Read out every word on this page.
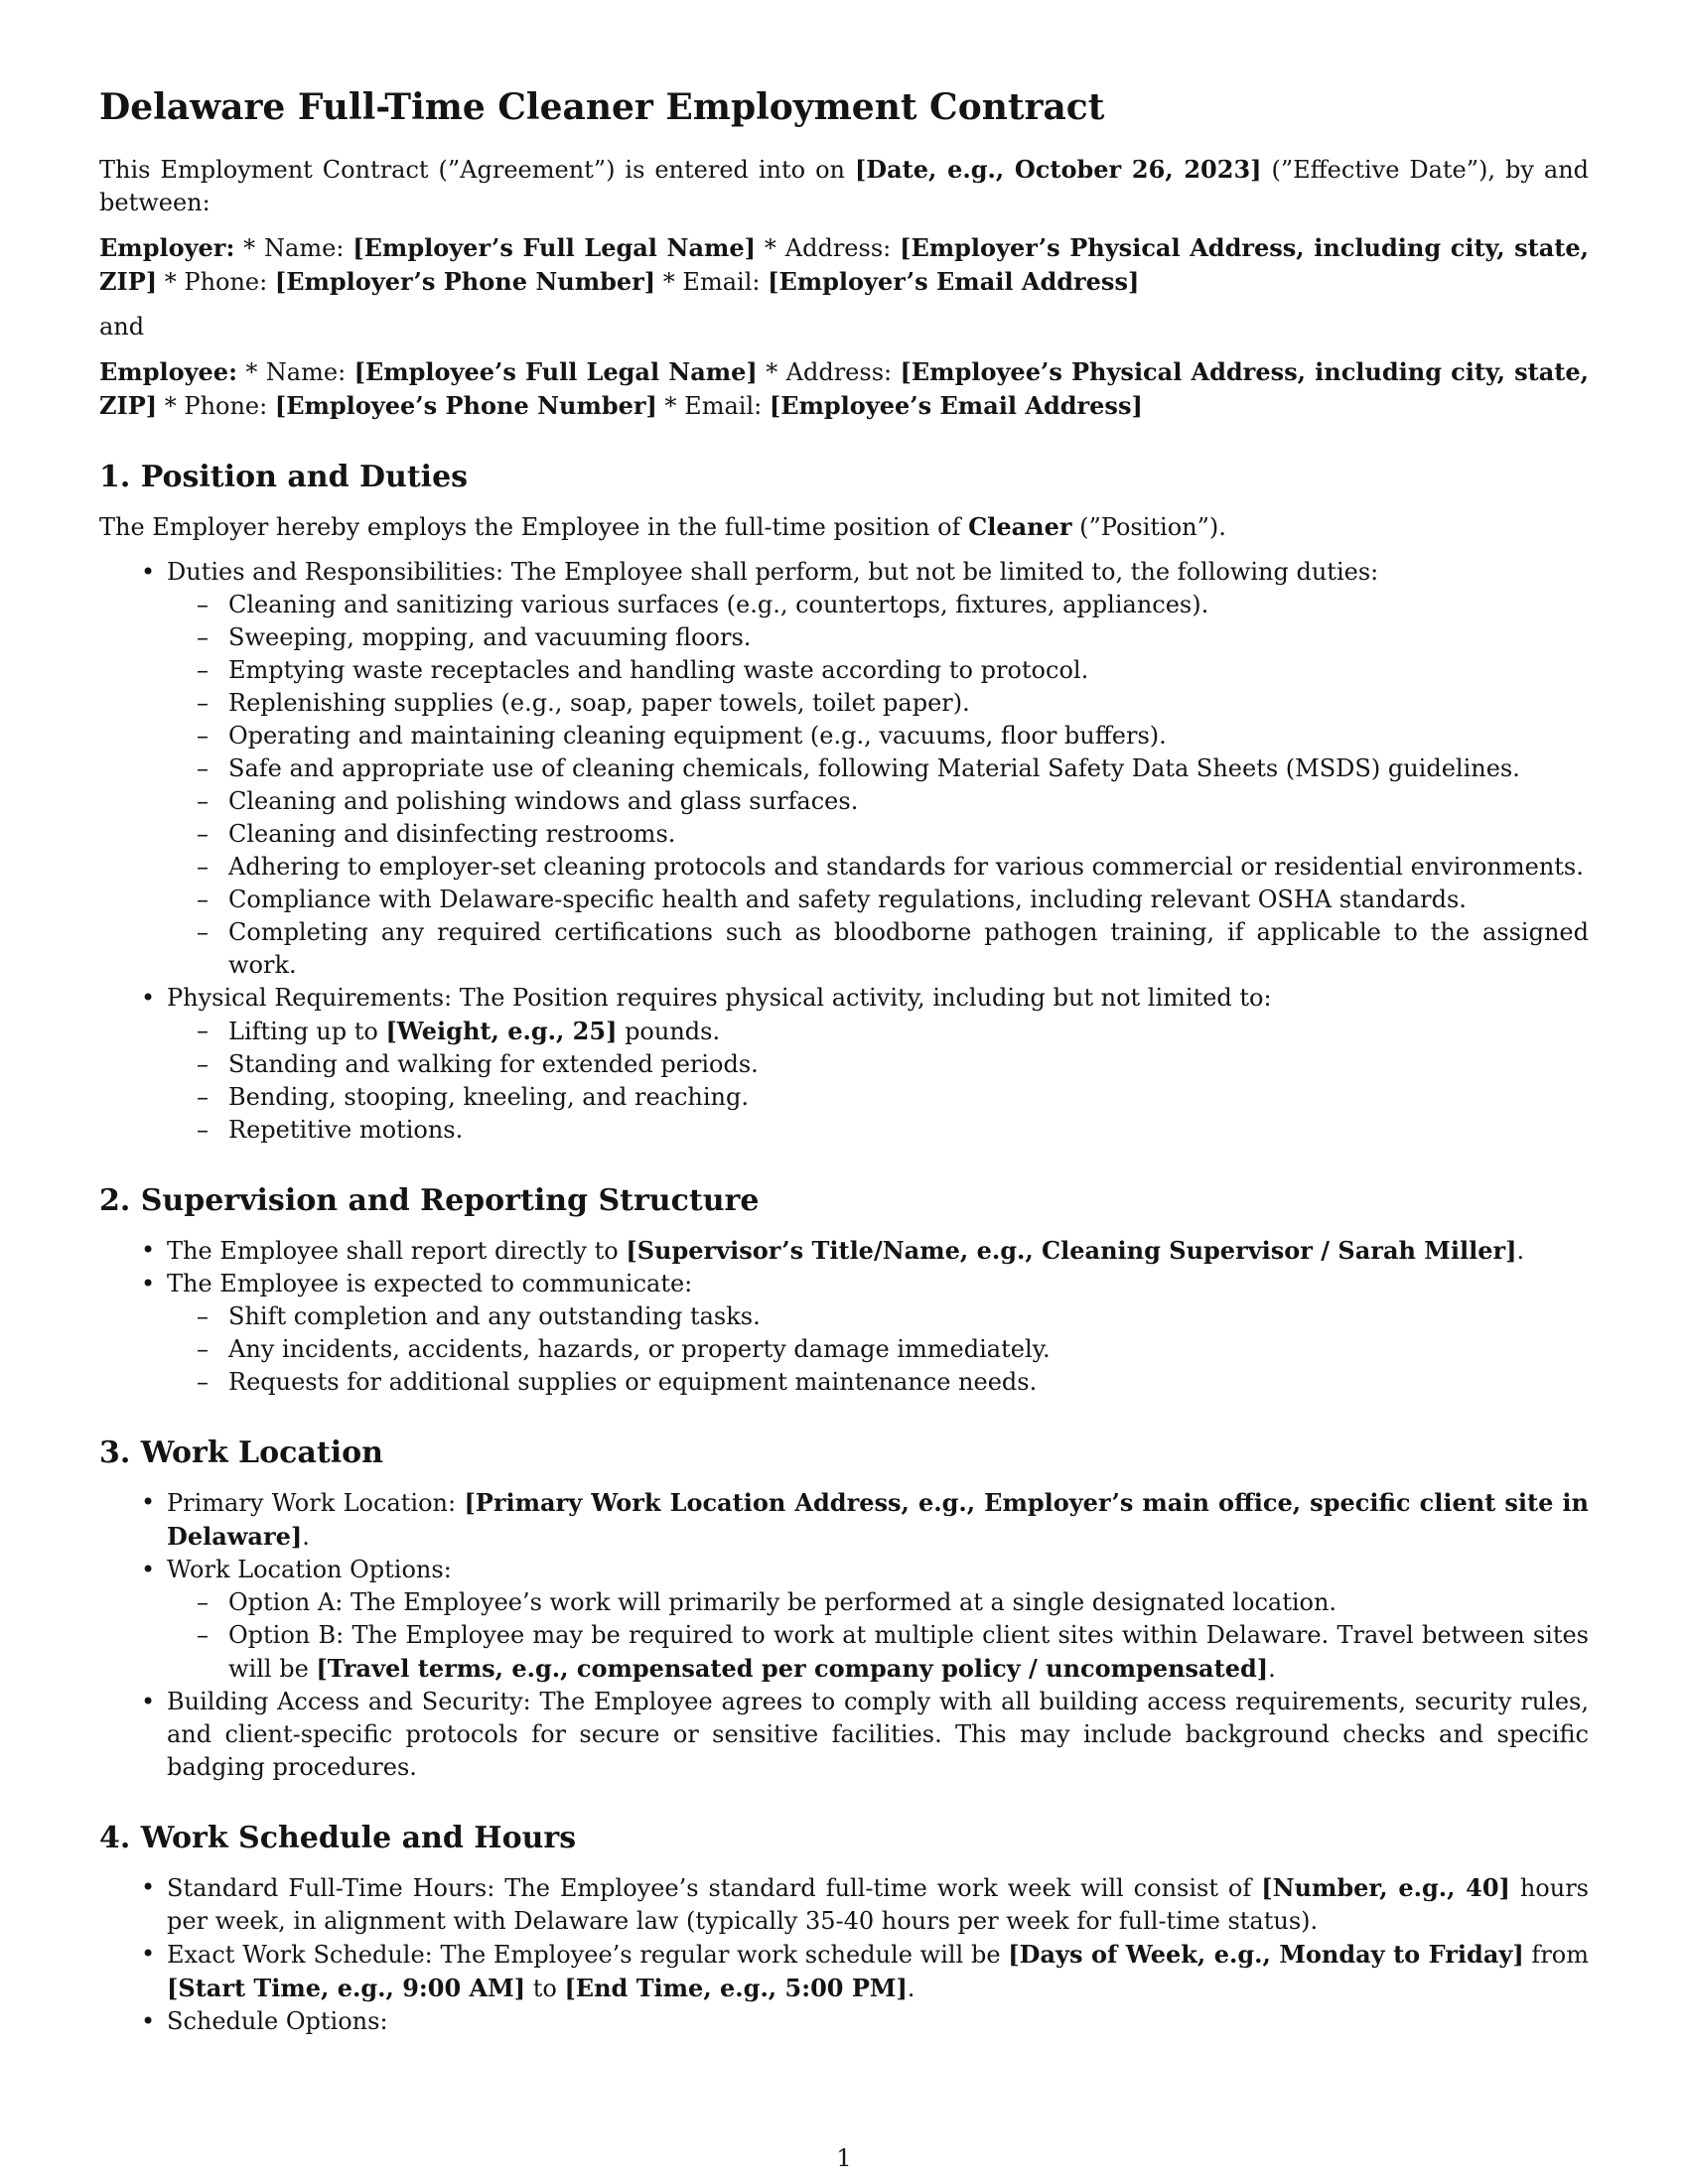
Delaware Full-Time Cleaner Employment Contract

This Employment Contract (”Agreement”) is entered into on [Date, e.g., October 26, 2023] (”Effective Date”), by and between:

Employer: * Name: [Employer’s Full Legal Name] * Address: [Employer’s Physical Address, including city, state, ZIP] * Phone: [Employer’s Phone Number] * Email: [Employer’s Email Address]

and

Employee: * Name: [Employee’s Full Legal Name] * Address: [Employee’s Physical Address, including city, state, ZIP] * Phone: [Employee’s Phone Number] * Email: [Employee’s Email Address]

1. Position and Duties

The Employer hereby employs the Employee in the full-time position of Cleaner (”Position”).

• Duties and Responsibilities: The Employee shall perform, but not be limited to, the following duties:
– Cleaning and sanitizing various surfaces (e.g., countertops, fixtures, appliances).
– Sweeping, mopping, and vacuuming floors.
– Emptying waste receptacles and handling waste according to protocol.
– Replenishing supplies (e.g., soap, paper towels, toilet paper).
– Operating and maintaining cleaning equipment (e.g., vacuums, floor buffers).
– Safe and appropriate use of cleaning chemicals, following Material Safety Data Sheets (MSDS) guidelines.
– Cleaning and polishing windows and glass surfaces.
– Cleaning and disinfecting restrooms.
– Adhering to employer-set cleaning protocols and standards for various commercial or residential environments.
– Compliance with Delaware-specific health and safety regulations, including relevant OSHA standards.
– Completing any required certifications such as bloodborne pathogen training, if applicable to the assigned work.
• Physical Requirements: The Position requires physical activity, including but not limited to:
– Lifting up to [Weight, e.g., 25] pounds.
– Standing and walking for extended periods.
– Bending, stooping, kneeling, and reaching.
– Repetitive motions.
2. Supervision and Reporting Structure
• The Employee shall report directly to [Supervisor’s Title/Name, e.g., Cleaning Supervisor / Sarah Miller].
• The Employee is expected to communicate:
– Shift completion and any outstanding tasks.
– Any incidents, accidents, hazards, or property damage immediately.
– Requests for additional supplies or equipment maintenance needs.
3. Work Location
• Primary Work Location: [Primary Work Location Address, e.g., Employer’s main office, specific client site in Delaware].
• Work Location Options:
– Option A: The Employee’s work will primarily be performed at a single designated location.
– Option B: The Employee may be required to work at multiple client sites within Delaware. Travel between sites will be [Travel terms, e.g., compensated per company policy / uncompensated].
• Building Access and Security: The Employee agrees to comply with all building access requirements, security rules, and client-specific protocols for secure or sensitive facilities. This may include background checks and specific badging procedures.
4. Work Schedule and Hours
• Standard Full-Time Hours: The Employee’s standard full-time work week will consist of [Number, e.g., 40] hours per week, in alignment with Delaware law (typically 35-40 hours per week for full-time status).
• Exact Work Schedule: The Employee’s regular work schedule will be [Days of Week, e.g., Monday to Friday] from [Start Time, e.g., 9:00 AM] to [End Time, e.g., 5:00 PM].
• Schedule Options:
1
